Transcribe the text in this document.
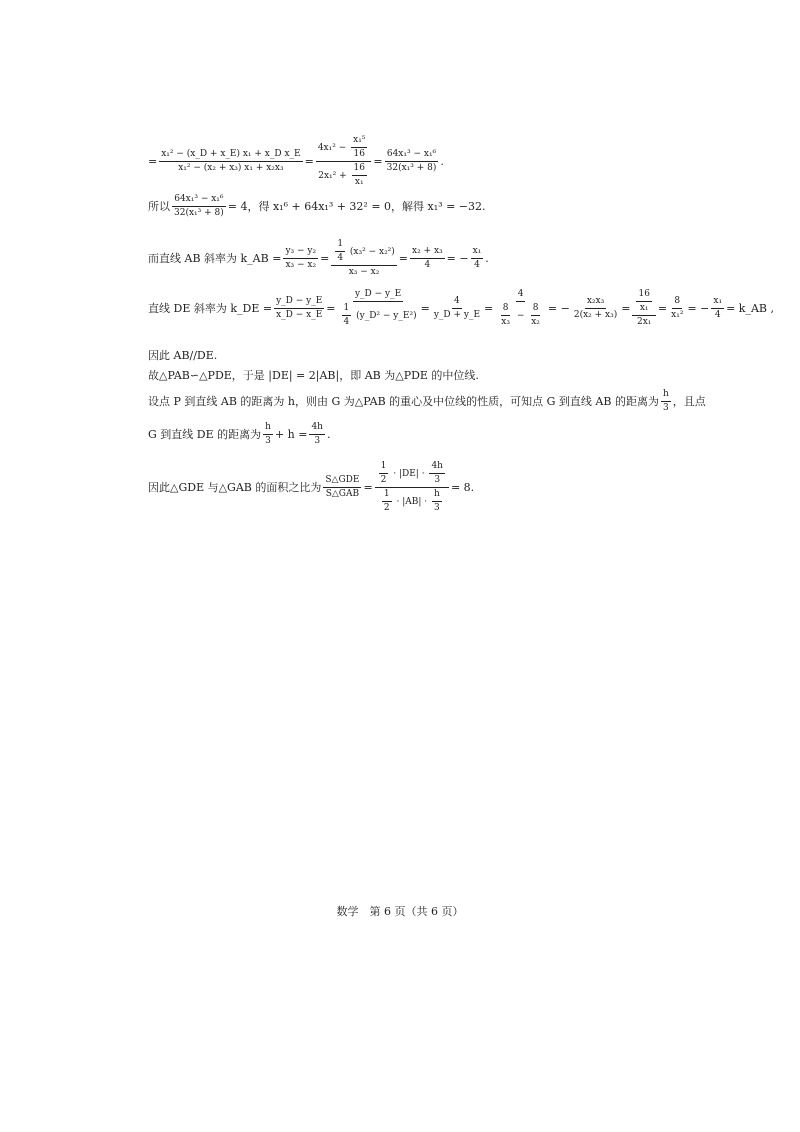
= $\frac{\text{x₁² − (x\_D + x\_E) x₁ + x\_D x\_E}}{\text{x₁² − (x₂ + x₃) x₁ + x₂x₃}} = \frac{4x_1^2 - \frac{\text{x₁⁵}}{16}}{2x_1^2 + \frac{16}{\text{x₁}}} = \frac{\text{64x₁³ − x₁⁶}}{\text{32(x₁³ + 8)}}$ .
所以 $\frac{\text{64x₁³ − x₁⁶}}{\text{32(x₁³ + 8)}} = 4$，得 x₁⁶ + 64x₁³ + 32² = 0，解得 x₁³ = −32.
而直线 AB 斜率为 k_AB = $\frac{\text{y₃ − y₂}}{\text{x₃ − x₂}} = \frac{\frac{1}{4} (x_3^2 - x_2^2)}{\text{x₃ − x₂}} = \frac{\text{x₂ + x₃}}{4}$ = − $\frac{\text{x₁}}{4}$ .
直线 DE 斜率为 k_DE = $\frac{y\_D - y\_E}{x\_D - x\_E} = \frac{y\_D - y\_E}{\frac{1}{4} (y\_D^2 - y\_E^2)} = \frac{4}{y\_D + y\_E}$ =
4
$\frac{8}{\text{x₃}} - \frac{8}{\text{x₂}}$ = − $\frac{\text{x₂x₃}}{\text{2(x₂ + x₃)}} = \frac{\frac{16}{\text{x₁}}}{\text{2x₁}} = \frac{8}{\text{x₁²}}$ = − $\frac{\text{x₁}}{4}$ = k_AB ,
因此 AB//DE.
故△PAB∽△PDE，于是 |DE| = 2|AB|，即 AB 为△PDE 的中位线.
设点 P 到直线 AB 的距离为 h，则由 G 为△PAB 的重心及中位线的性质，可知点 G 到直线 AB 的距离为 $\frac{h}{3}$ ，且点
G 到直线 DE 的距离为 $\frac{h}{3} + h = \frac{4h}{3}$ .
因此△GDE 与△GAB 的面积之比为 $\frac{\text{S△GDE}}{\text{S△GAB}}$ =
$\frac{1}{2} \cdot |DE| \cdot \frac{4h}{3}$
$\frac{1}{2} \cdot |AB| \cdot \frac{h}{3}$
= 8.
数学　第 6 页（共 6 页）
